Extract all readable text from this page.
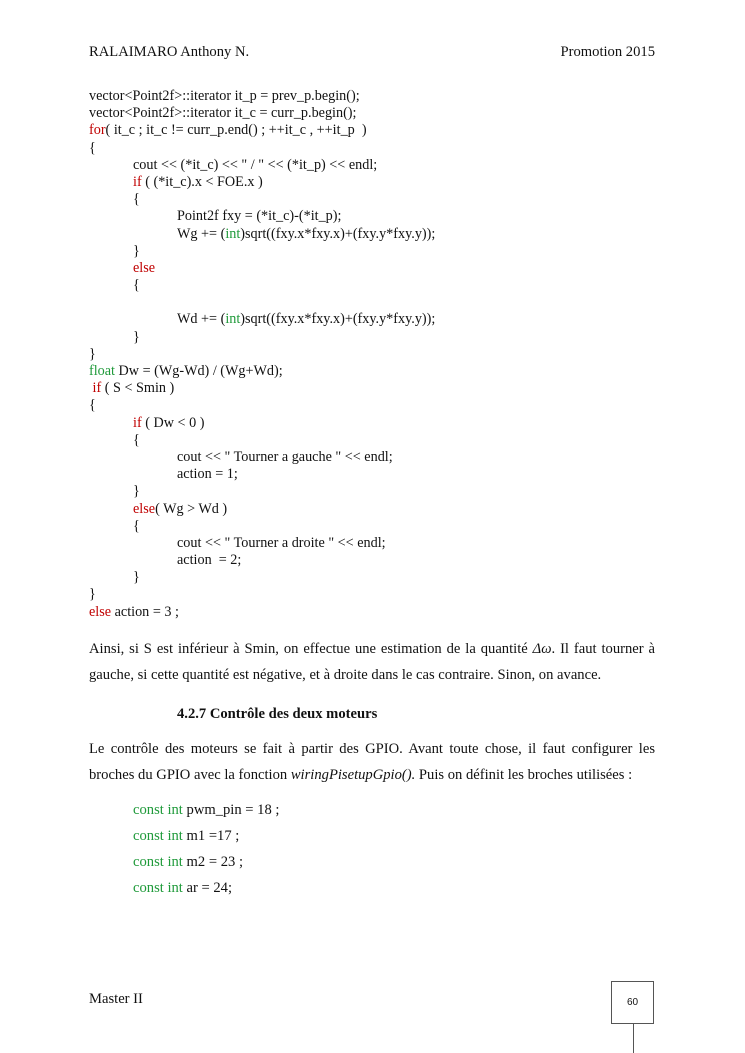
RALAIMARO Anthony N.	Promotion 2015
vector<Point2f>::iterator it_p = prev_p.begin();
vector<Point2f>::iterator it_c = curr_p.begin();
for( it_c ; it_c != curr_p.end() ; ++it_c , ++it_p  )
{
cout << (*it_c) << " / " << (*it_p) << endl;
if ( (*it_c).x < FOE.x )
{
Point2f fxy = (*it_c)-(*it_p);
Wg += (int)sqrt((fxy.x*fxy.x)+(fxy.y*fxy.y));
}
else
{
Wd += (int)sqrt((fxy.x*fxy.x)+(fxy.y*fxy.y));
}
}
float Dw = (Wg-Wd) / (Wg+Wd);
if ( S < Smin )
{
if ( Dw < 0 )
{
cout << " Tourner a gauche " << endl;
action = 1;
}
else( Wg > Wd )
{
cout << " Tourner a droite " << endl;
action  = 2;
}
}
else action = 3 ;
Ainsi, si S est inférieur à Smin, on effectue une estimation de la quantité Δω. Il faut tourner à gauche, si cette quantité est négative, et à droite dans le cas contraire. Sinon, on avance.
4.2.7 Contrôle des deux moteurs
Le contrôle des moteurs se fait à partir des GPIO. Avant toute chose, il faut configurer les broches du GPIO avec la fonction wiringPisetupGpio(). Puis on définit les broches utilisées :
const int pwm_pin = 18 ;
const int m1 =17 ;
const int m2 = 23 ;
const int ar = 24;
Master II	60
